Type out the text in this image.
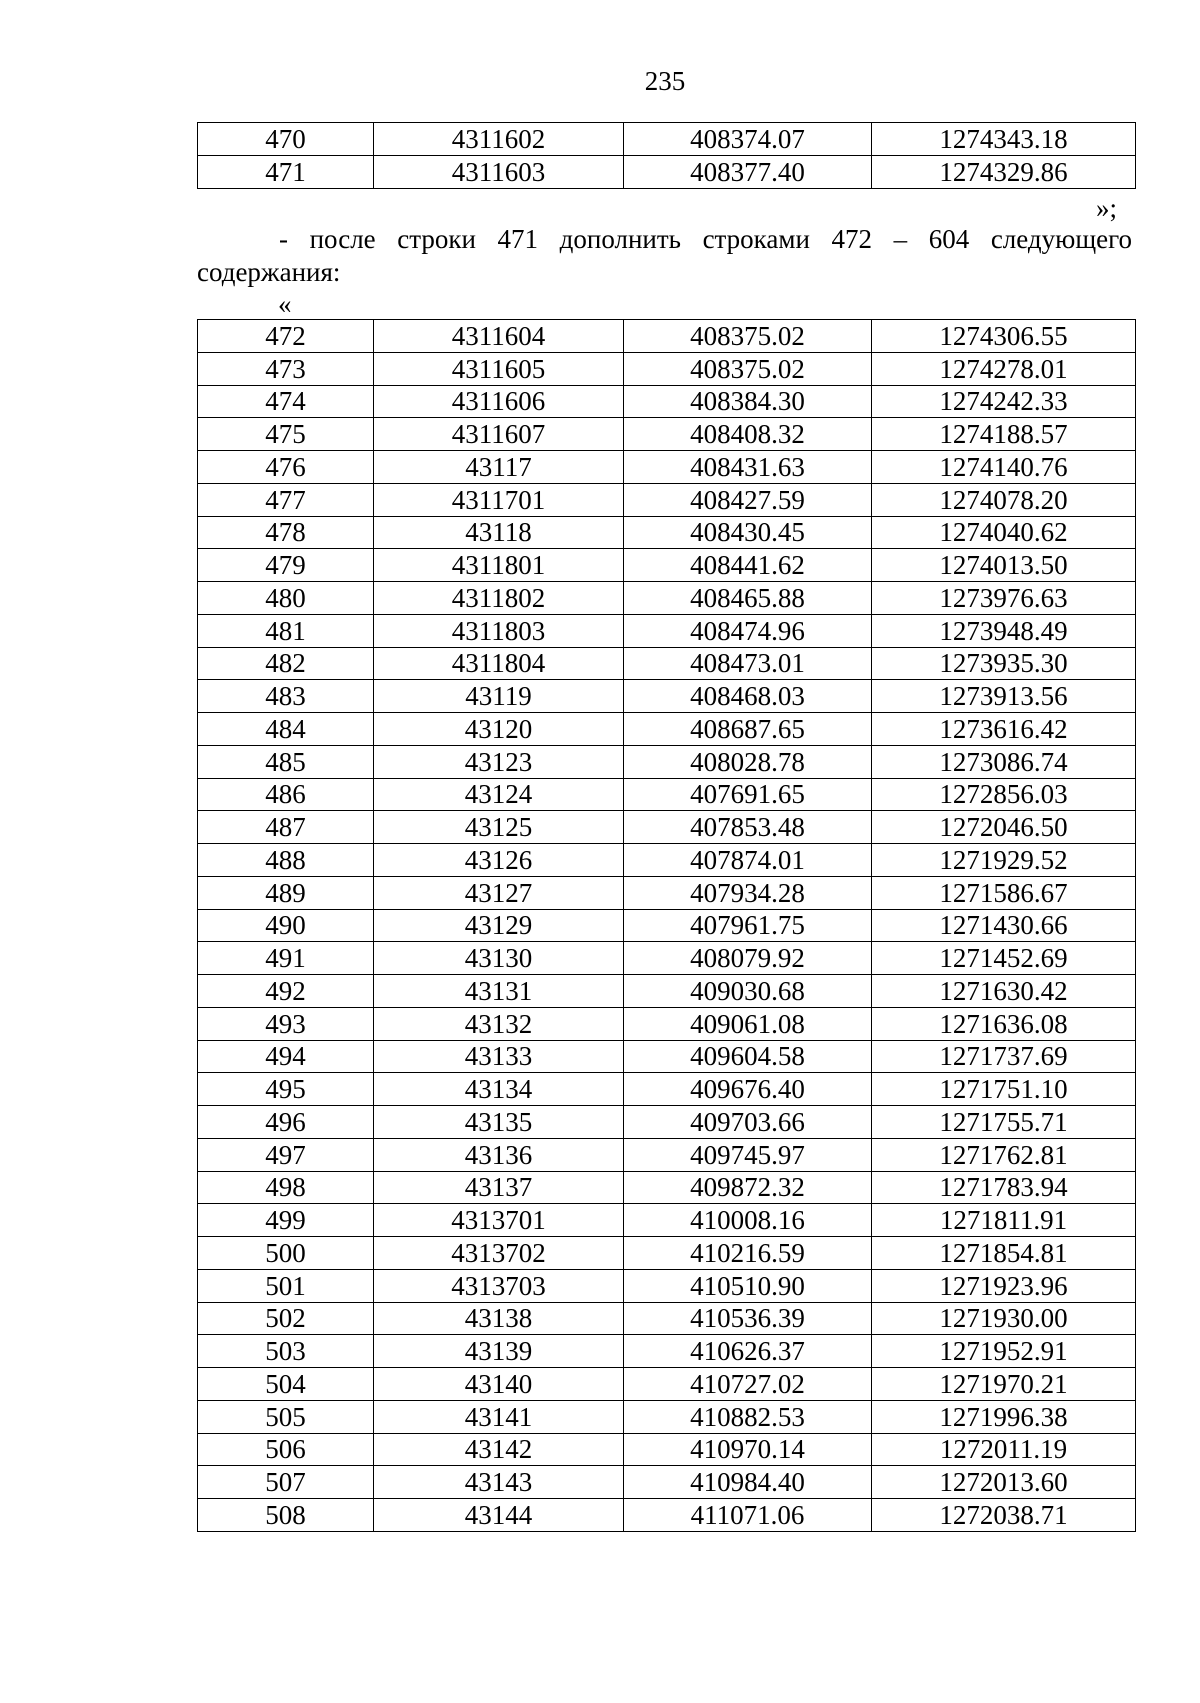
235
470	4311602	408374.07	1274343.18
471	4311603	408377.40	1274329.86
»;
- после строки 471 дополнить строками 472 – 604 следующего содержания:
«
472	4311604	408375.02	1274306.55
473	4311605	408375.02	1274278.01
474	4311606	408384.30	1274242.33
475	4311607	408408.32	1274188.57
476	43117	408431.63	1274140.76
477	4311701	408427.59	1274078.20
478	43118	408430.45	1274040.62
479	4311801	408441.62	1274013.50
480	4311802	408465.88	1273976.63
481	4311803	408474.96	1273948.49
482	4311804	408473.01	1273935.30
483	43119	408468.03	1273913.56
484	43120	408687.65	1273616.42
485	43123	408028.78	1273086.74
486	43124	407691.65	1272856.03
487	43125	407853.48	1272046.50
488	43126	407874.01	1271929.52
489	43127	407934.28	1271586.67
490	43129	407961.75	1271430.66
491	43130	408079.92	1271452.69
492	43131	409030.68	1271630.42
493	43132	409061.08	1271636.08
494	43133	409604.58	1271737.69
495	43134	409676.40	1271751.10
496	43135	409703.66	1271755.71
497	43136	409745.97	1271762.81
498	43137	409872.32	1271783.94
499	4313701	410008.16	1271811.91
500	4313702	410216.59	1271854.81
501	4313703	410510.90	1271923.96
502	43138	410536.39	1271930.00
503	43139	410626.37	1271952.91
504	43140	410727.02	1271970.21
505	43141	410882.53	1271996.38
506	43142	410970.14	1272011.19
507	43143	410984.40	1272013.60
508	43144	411071.06	1272038.71
